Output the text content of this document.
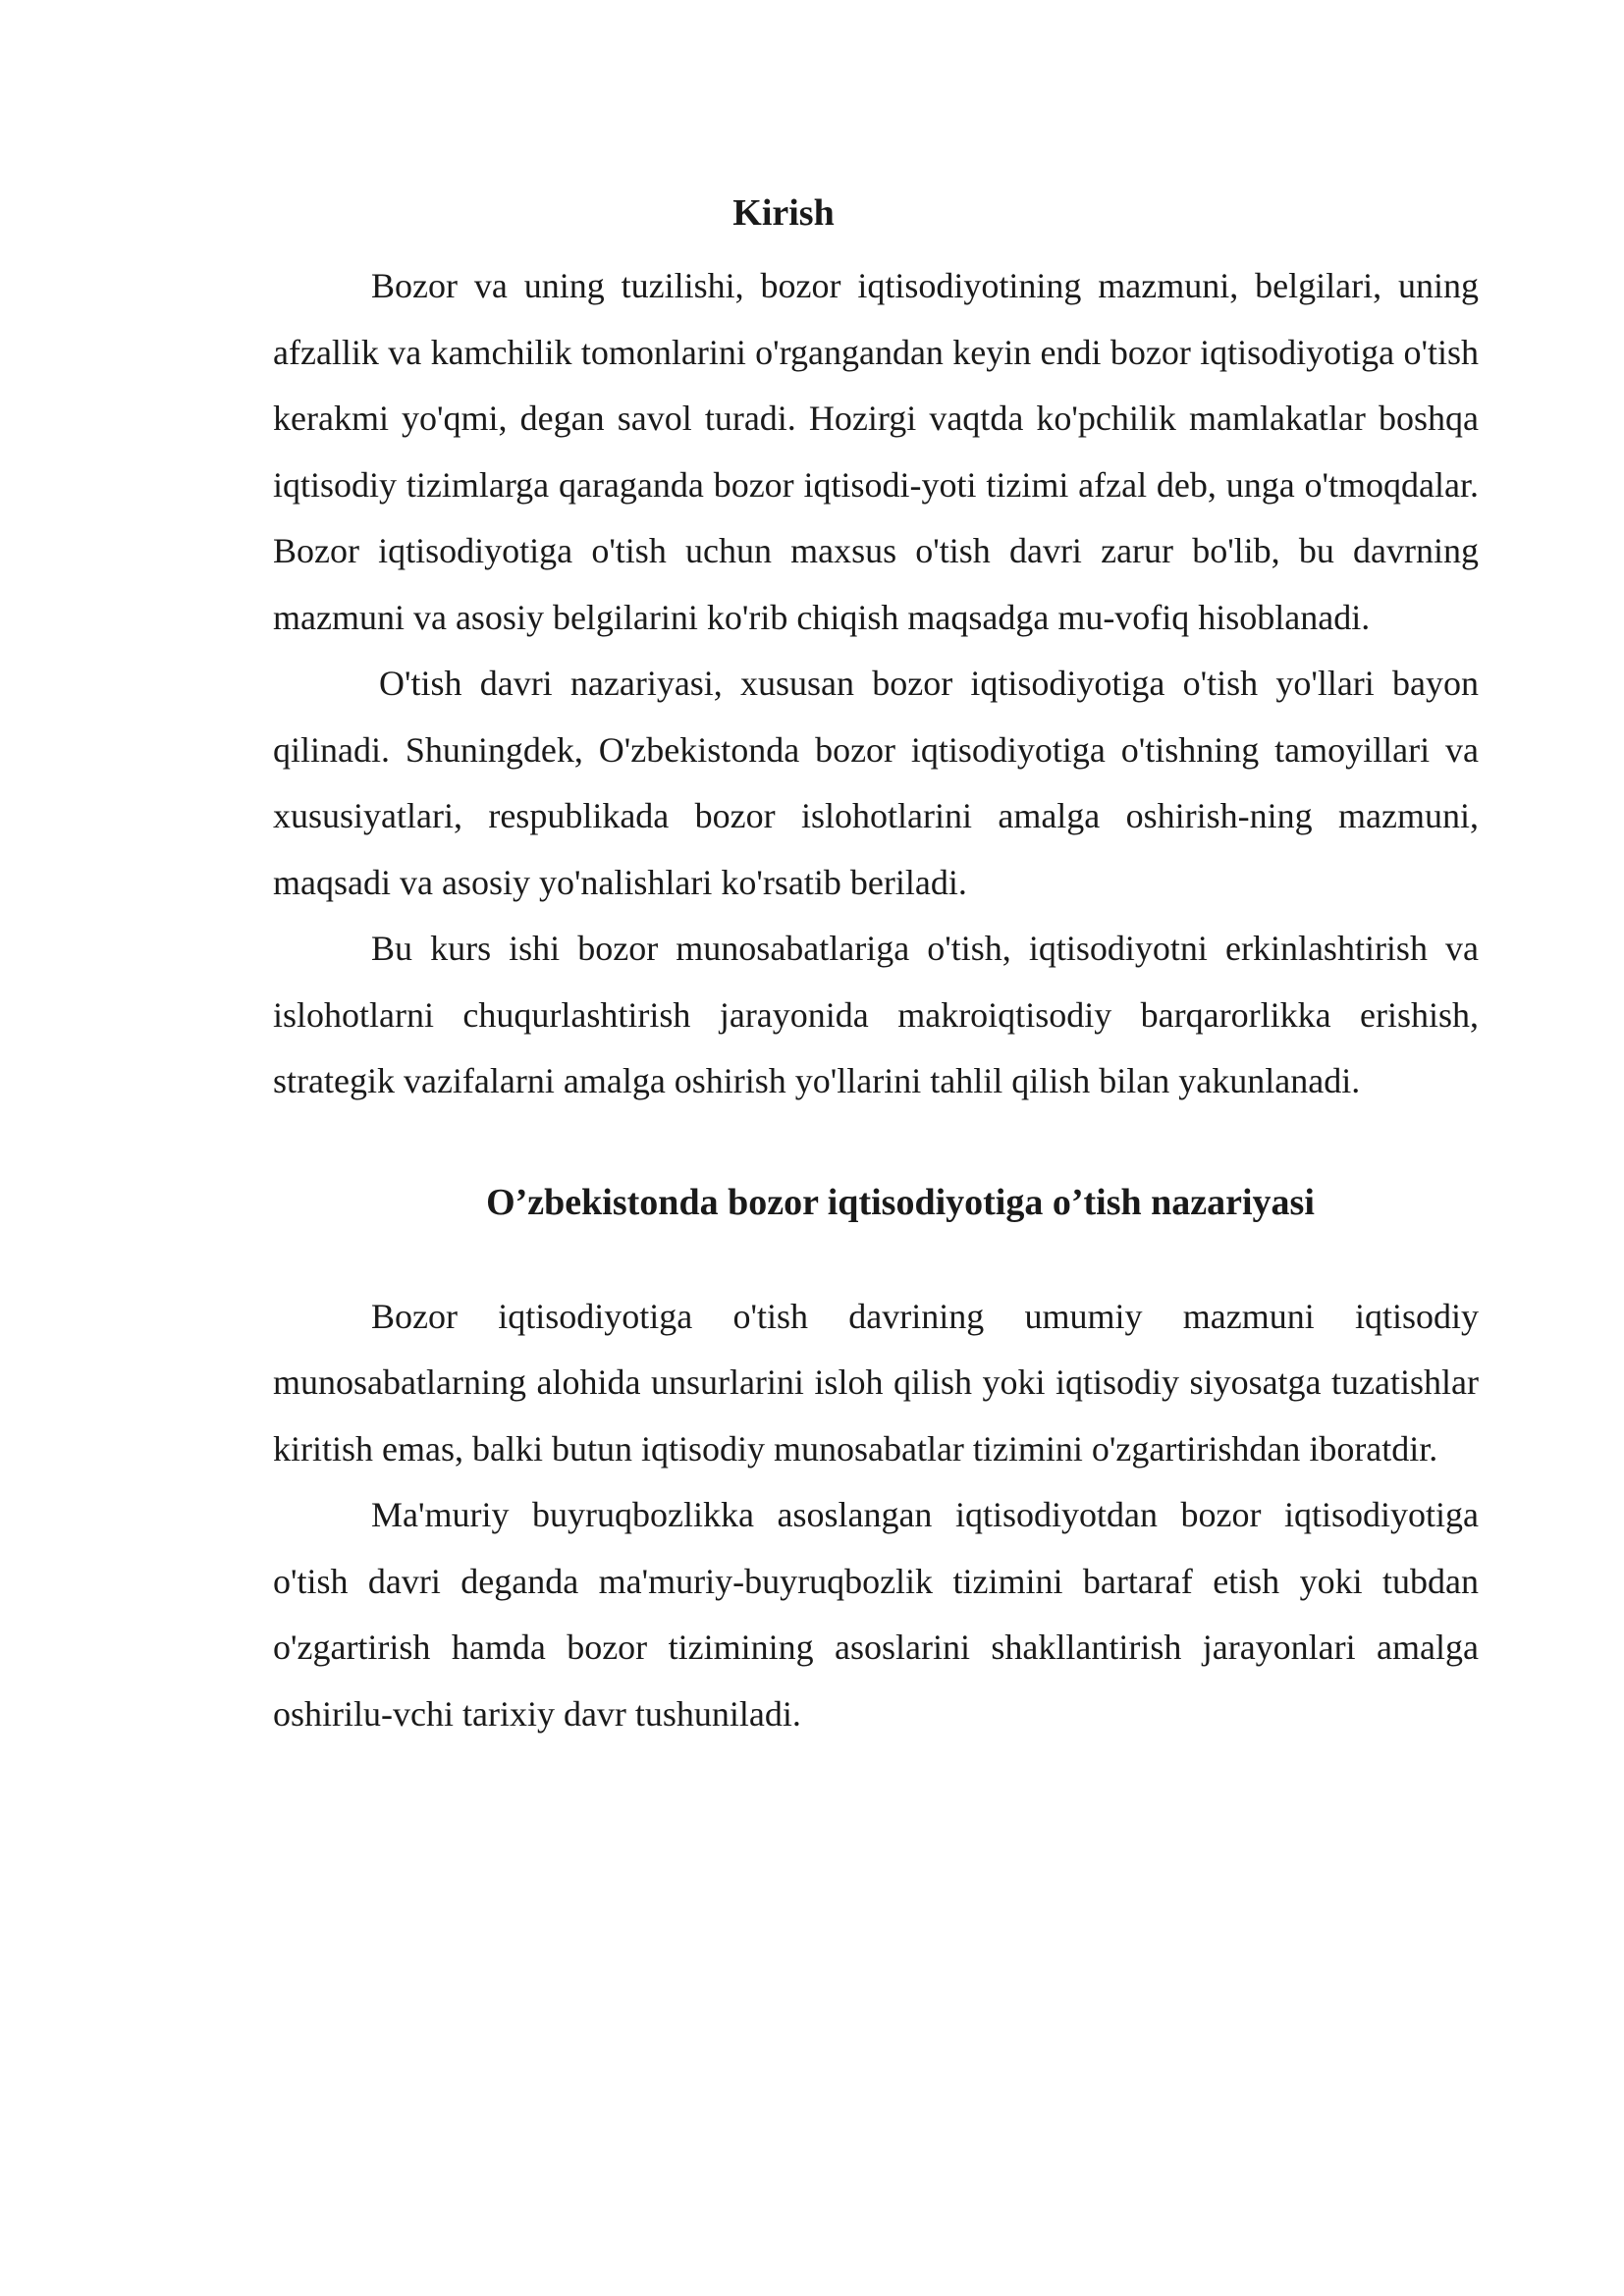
Kirish

Bozor va uning tuzilishi, bozor iqtisodiyotining mazmuni, belgilari, uning afzallik va kamchilik tomonlarini o'rgangandan keyin endi bozor iqtisodiyotiga o'tish kerakmi yo'qmi, degan savol turadi. Hozirgi vaqtda ko'pchilik mamlakatlar boshqa iqtisodiy tizimlarga qaraganda bozor iqtisodi-yoti tizimi afzal deb, unga o'tmoqdalar. Bozor iqtisodiyotiga o'tish uchun maxsus o'tish davri zarur bo'lib, bu davrning mazmuni va asosiy belgilarini ko'rib chiqish maqsadga mu-vofiq hisoblanadi.

O'tish davri nazariyasi, xususan bozor iqtisodiyotiga o'tish yo'llari bayon qilinadi. Shuningdek, O'zbekistonda bozor iqtisodiyotiga o'tishning tamoyillari va xususiyatlari, respublikada bozor islohotlarini amalga oshirish-ning mazmuni, maqsadi va asosiy yo'nalishlari ko'rsatib beriladi.

Bu kurs ishi bozor munosabatlariga o'tish, iqtisodiyotni erkinlashtirish va islohotlarni chuqurlashtirish jarayonida makroiqtisodiy barqarorlikka erishish, strategik vazifalarni amalga oshirish yo'llarini tahlil qilish bilan yakunlanadi.

O’zbekistonda bozor iqtisodiyotiga o’tish nazariyasi

Bozor iqtisodiyotiga o'tish davrining umumiy mazmuni iqtisodiy munosabatlarning alohida unsurlarini isloh qilish yoki iqtisodiy siyosatga tuzatishlar kiritish emas, balki butun iqtisodiy munosabatlar tizimini o'zgartirishdan iboratdir.

Ma'muriy buyruqbozlikka asoslangan iqtisodiyotdan bozor iqtisodiyotiga o'tish davri deganda ma'muriy-buyruqbozlik tizimini bartaraf etish yoki tubdan o'zgartirish hamda bozor tizimining asoslarini shakllantirish jarayonlari amalga oshirilu-vchi tarixiy davr tushuniladi.
